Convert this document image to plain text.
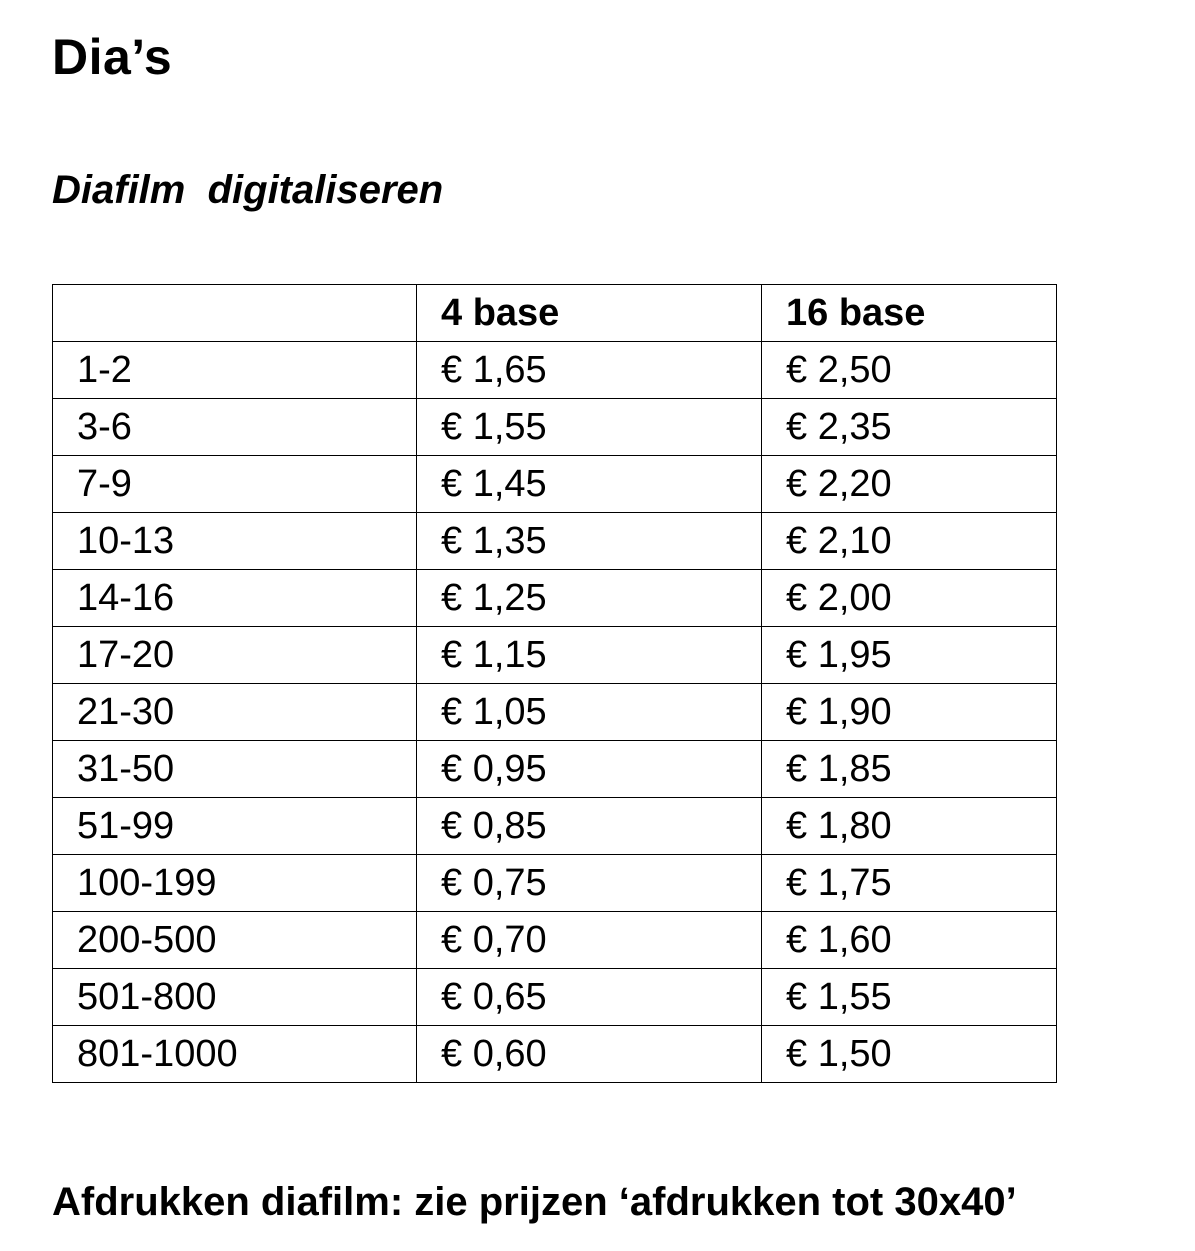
Dia’s
Diafilm  digitaliseren
	4 base	16 base
1-2	€ 1,65	€ 2,50
3-6	€ 1,55	€ 2,35
7-9	€ 1,45	€ 2,20
10-13	€ 1,35	€ 2,10
14-16	€ 1,25	€ 2,00
17-20	€ 1,15	€ 1,95
21-30	€ 1,05	€ 1,90
31-50	€ 0,95	€ 1,85
51-99	€ 0,85	€ 1,80
100-199	€ 0,75	€ 1,75
200-500	€ 0,70	€ 1,60
501-800	€ 0,65	€ 1,55
801-1000	€ 0,60	€ 1,50
Afdrukken diafilm: zie prijzen ‘afdrukken tot 30x40’
